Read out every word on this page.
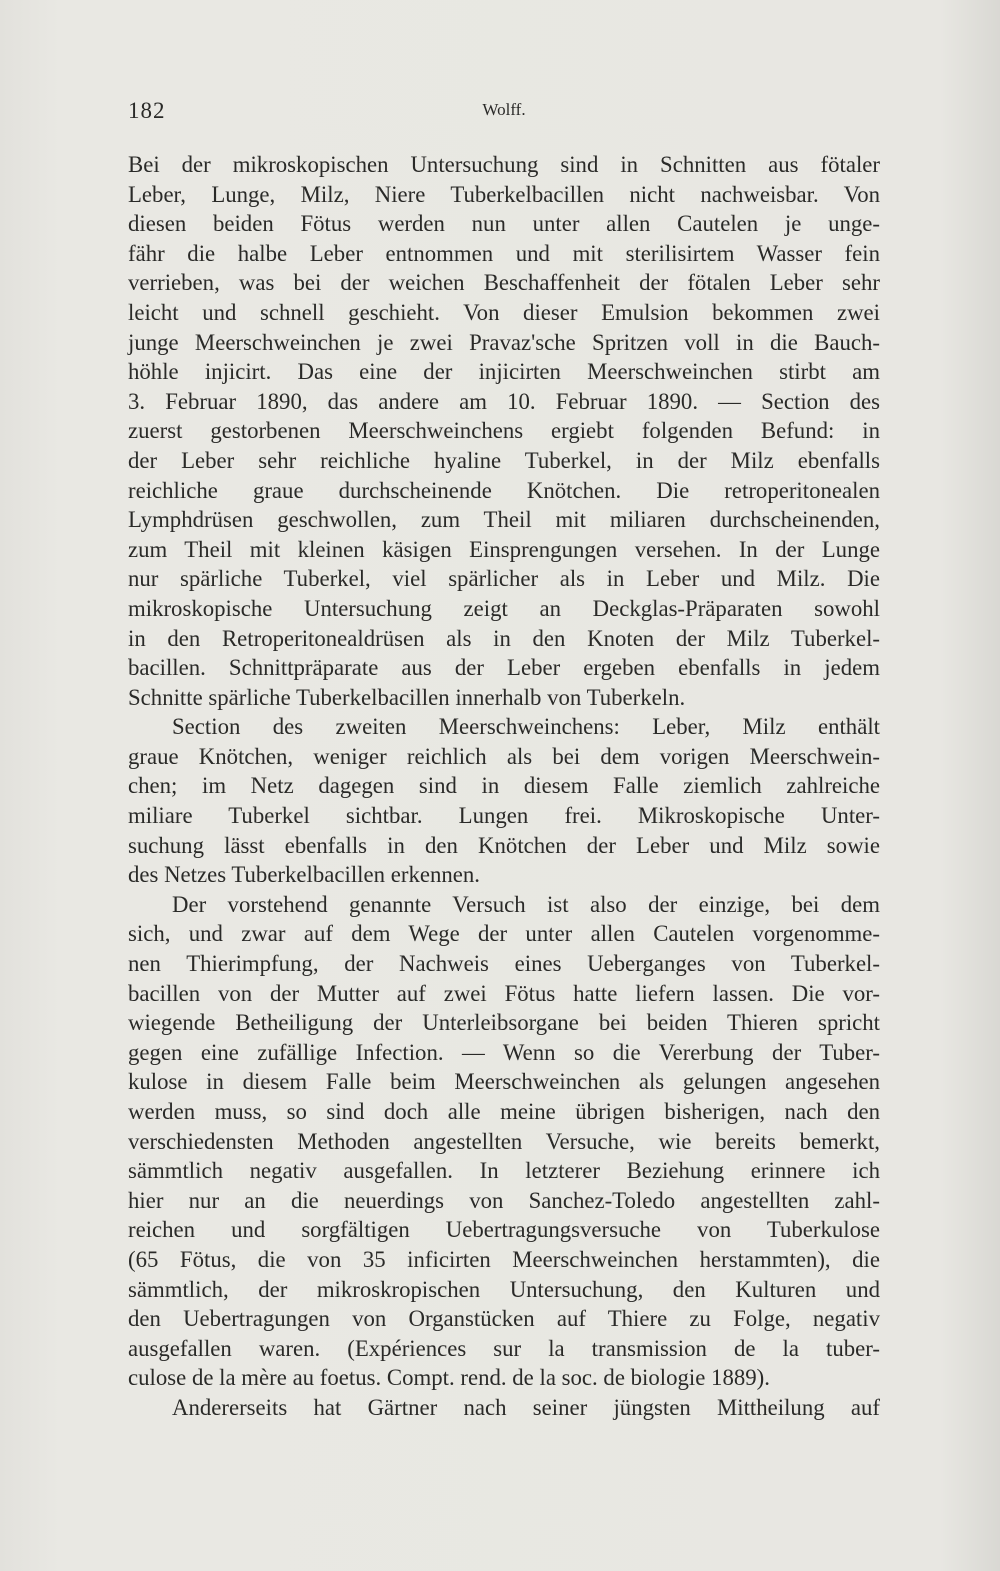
182	Wolff.
Bei der mikroskopischen Untersuchung sind in Schnitten aus fötaler
Leber, Lunge, Milz, Niere Tuberkelbacillen nicht nachweisbar. Von
diesen beiden Fötus werden nun unter allen Cautelen je unge-
fähr die halbe Leber entnommen und mit sterilisirtem Wasser fein
verrieben, was bei der weichen Beschaffenheit der fötalen Leber sehr
leicht und schnell geschieht. Von dieser Emulsion bekommen zwei
junge Meerschweinchen je zwei Pravaz'sche Spritzen voll in die Bauch-
höhle injicirt. Das eine der injicirten Meerschweinchen stirbt am
3. Februar 1890, das andere am 10. Februar 1890. — Section des
zuerst gestorbenen Meerschweinchens ergiebt folgenden Befund: in
der Leber sehr reichliche hyaline Tuberkel, in der Milz ebenfalls
reichliche graue durchscheinende Knötchen. Die retroperitonealen
Lymphdrüsen geschwollen, zum Theil mit miliaren durchscheinenden,
zum Theil mit kleinen käsigen Einsprengungen versehen. In der Lunge
nur spärliche Tuberkel, viel spärlicher als in Leber und Milz. Die
mikroskopische Untersuchung zeigt an Deckglas-Präparaten sowohl
in den Retroperitonealdrüsen als in den Knoten der Milz Tuberkel-
bacillen. Schnittpräparate aus der Leber ergeben ebenfalls in jedem
Schnitte spärliche Tuberkelbacillen innerhalb von Tuberkeln.
Section des zweiten Meerschweinchens: Leber, Milz enthält
graue Knötchen, weniger reichlich als bei dem vorigen Meerschwein-
chen; im Netz dagegen sind in diesem Falle ziemlich zahlreiche
miliare Tuberkel sichtbar. Lungen frei. Mikroskopische Unter-
suchung lässt ebenfalls in den Knötchen der Leber und Milz sowie
des Netzes Tuberkelbacillen erkennen.
Der vorstehend genannte Versuch ist also der einzige, bei dem
sich, und zwar auf dem Wege der unter allen Cautelen vorgenomme-
nen Thierimpfung, der Nachweis eines Ueberganges von Tuberkel-
bacillen von der Mutter auf zwei Fötus hatte liefern lassen. Die vor-
wiegende Betheiligung der Unterleibsorgane bei beiden Thieren spricht
gegen eine zufällige Infection. — Wenn so die Vererbung der Tuber-
kulose in diesem Falle beim Meerschweinchen als gelungen angesehen
werden muss, so sind doch alle meine übrigen bisherigen, nach den
verschiedensten Methoden angestellten Versuche, wie bereits bemerkt,
sämmtlich negativ ausgefallen. In letzterer Beziehung erinnere ich
hier nur an die neuerdings von Sanchez-Toledo angestellten zahl-
reichen und sorgfältigen Uebertragungsversuche von Tuberkulose
(65 Fötus, die von 35 inficirten Meerschweinchen herstammten), die
sämmtlich, der mikroskropischen Untersuchung, den Kulturen und
den Uebertragungen von Organstücken auf Thiere zu Folge, negativ
ausgefallen waren. (Expériences sur la transmission de la tuber-
culose de la mère au foetus. Compt. rend. de la soc. de biologie 1889).
Andererseits hat Gärtner nach seiner jüngsten Mittheilung auf
